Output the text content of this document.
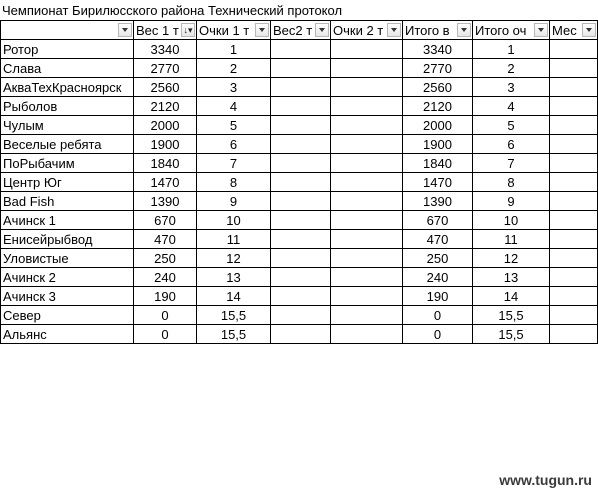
Чемпионат Бирилюсского района Технический протокол
	Вес 1 т ↓▾	Очки 1 т	Вес2 т	Очки 2 т	Итого в	Итого оч	Мес

Ротор	3340	1			3340	1	
Слава	2770	2			2770	2	
АкваТехКрасноярск	2560	3			2560	3	
Рыболов	2120	4			2120	4	
Чулым	2000	5			2000	5	
Веселые ребята	1900	6			1900	6	
ПоРыбачим	1840	7			1840	7	
Центр Юг	1470	8			1470	8	
Bad Fish	1390	9			1390	9	
Ачинск 1	670	10			670	10	
Енисейрыбвод	470	11			470	11	
Уловистые	250	12			250	12	
Ачинск 2	240	13			240	13	
Ачинск 3	190	14			190	14	
Север	0	15,5			0	15,5	
Альянс	0	15,5			0	15,5	
www.tugun.ru
